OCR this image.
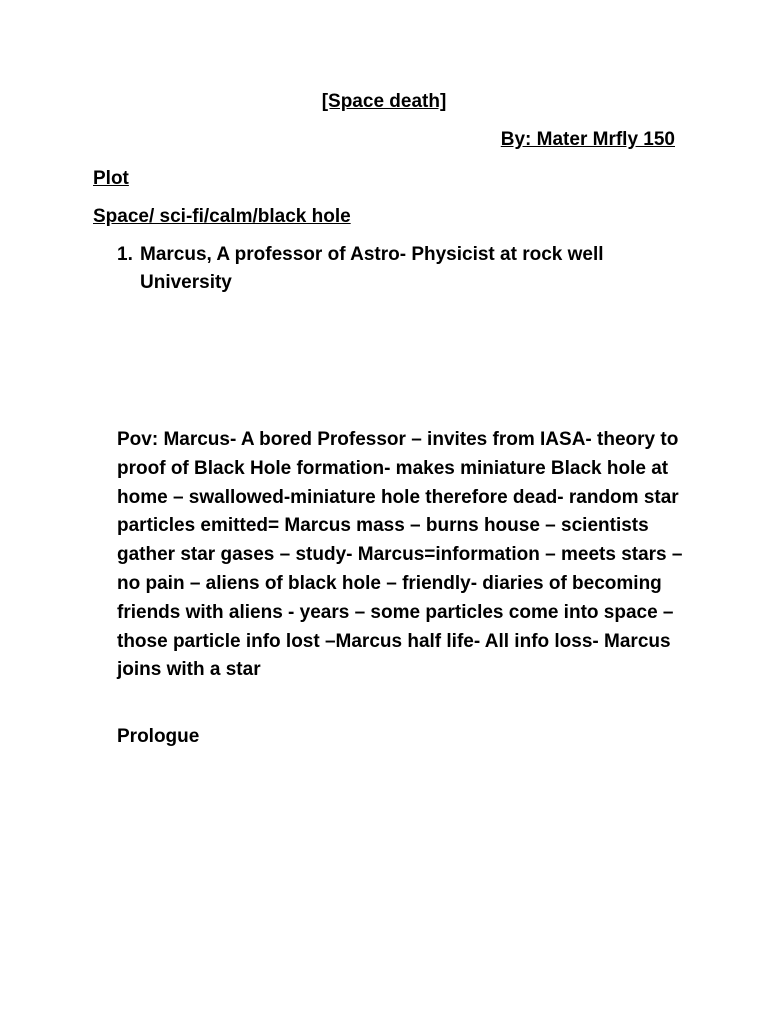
[Space death]
By: Mater Mrfly 150
Plot
Space/ sci-fi/calm/black hole
1. Marcus, A professor of Astro- Physicist at rock well University
Pov: Marcus- A bored Professor – invites from IASA- theory to proof of Black Hole formation- makes miniature Black hole at home – swallowed-miniature hole therefore dead- random star particles emitted= Marcus mass – burns house – scientists gather star gases – study- Marcus=information – meets stars –no pain – aliens of black hole – friendly- diaries of becoming friends with aliens - years – some particles come into space – those particle info lost –Marcus half life- All info loss- Marcus joins with a star
Prologue
